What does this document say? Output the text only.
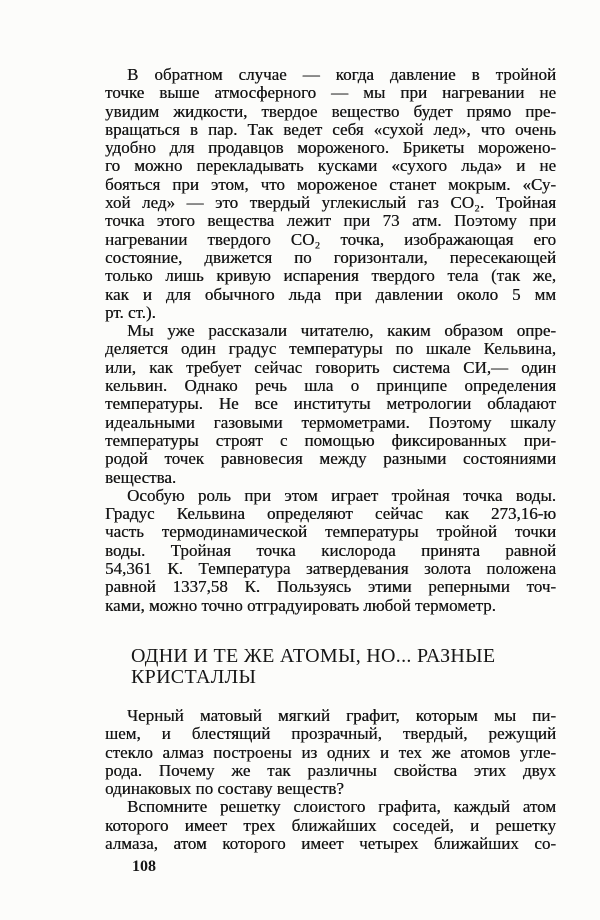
В обратном случае — когда давление в тройной
точке выше атмосферного — мы при нагревании не
увидим жидкости, твердое вещество будет прямо пре-
вращаться в пар. Так ведет себя «сухой лед», что очень
удобно для продавцов мороженого. Брикеты морожено-
го можно перекладывать кусками «сухого льда» и не
бояться при этом, что мороженое станет мокрым. «Су-
хой лед» — это твердый углекислый газ CO₂. Тройная
точка этого вещества лежит при 73 атм. Поэтому при
нагревании твердого CO₂ точка, изображающая его
состояние, движется по горизонтали, пересекающей
только лишь кривую испарения твердого тела (так же,
как и для обычного льда при давлении около 5 мм
рт. ст.).
Мы уже рассказали читателю, каким образом опре-
деляется один градус температуры по шкале Кельвина,
или, как требует сейчас говорить система СИ,— один
кельвин. Однако речь шла о принципе определения
температуры. Не все институты метрологии обладают
идеальными газовыми термометрами. Поэтому шкалу
температуры строят с помощью фиксированных при-
родой точек равновесия между разными состояниями
вещества.
Особую роль при этом играет тройная точка воды.
Градус Кельвина определяют сейчас как 273,16-ю
часть термодинамической температуры тройной точки
воды. Тройная точка кислорода принята равной
54,361 К. Температура затвердевания золота положена
равной 1337,58 К. Пользуясь этими реперными точ-
ками, можно точно отградуировать любой термометр.
ОДНИ И ТЕ ЖЕ АТОМЫ, НО... РАЗНЫЕ
КРИСТАЛЛЫ
Черный матовый мягкий графит, которым мы пи-
шем, и блестящий прозрачный, твердый, режущий
стекло алмаз построены из одних и тех же атомов угле-
рода. Почему же так различны свойства этих двух
одинаковых по составу веществ?
Вспомните решетку слоистого графита, каждый атом
которого имеет трех ближайших соседей, и решетку
алмаза, атом которого имеет четырех ближайших со-
108
